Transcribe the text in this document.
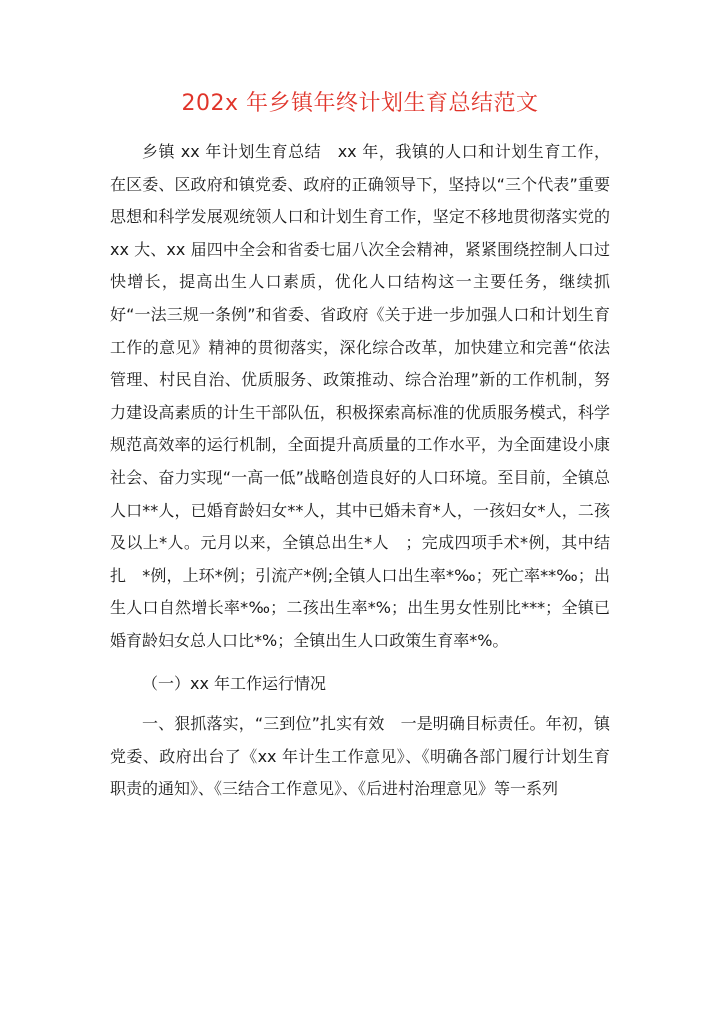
202x 年乡镇年终计划生育总结范文

乡镇 xx 年计划生育总结　xx 年，我镇的人口和计划生育工作，在区委、区政府和镇党委、政府的正确领导下，坚持以“三个代表”重要思想和科学发展观统领人口和计划生育工作，坚定不移地贯彻落实党的 xx 大、xx 届四中全会和省委七届八次全会精神，紧紧围绕控制人口过快增长，提高出生人口素质，优化人口结构这一主要任务，继续抓好“一法三规一条例”和省委、省政府《关于进一步加强人口和计划生育工作的意见》精神的贯彻落实，深化综合改革，加快建立和完善“依法管理、村民自治、优质服务、政策推动、综合治理”新的工作机制，努力建设高素质的计生干部队伍，积极探索高标准的优质服务模式，科学规范高效率的运行机制，全面提升高质量的工作水平，为全面建设小康社会、奋力实现“一高一低”战略创造良好的人口环境。至目前，全镇总人口**人，已婚育龄妇女**人，其中已婚未育*人，一孩妇女*人，二孩及以上*人。元月以来，全镇总出生*人　；完成四项手术*例，其中结扎　*例，上环*例；引流产*例;全镇人口出生率*‰；死亡率**‰；出生人口自然增长率*‰；二孩出生率*%；出生男女性别比***；全镇已婚育龄妇女总人口比*%；全镇出生人口政策生育率*%。

（一）xx 年工作运行情况

一、狠抓落实，“三到位”扎实有效　一是明确目标责任。年初，镇党委、政府出台了《xx 年计生工作意见》、《明确各部门履行计划生育职责的通知》、《三结合工作意见》、《后进村治理意见》等一系列
